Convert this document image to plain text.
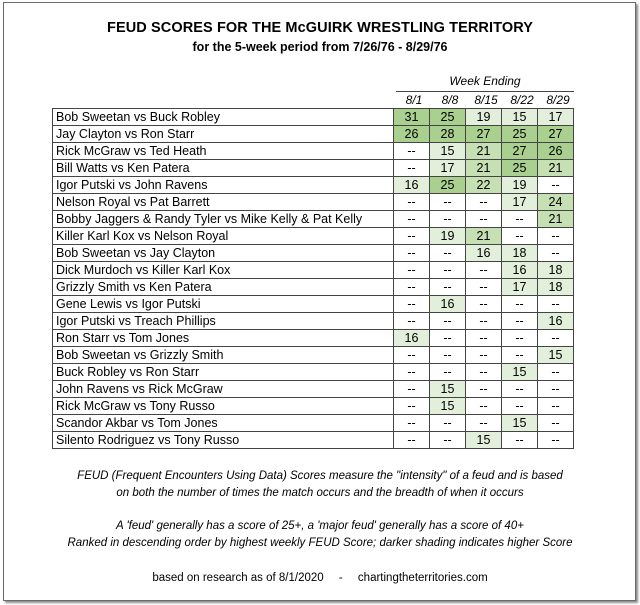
FEUD SCORES FOR THE McGUIRK WRESTLING TERRITORY
for the 5-week period from 7/26/76 - 8/29/76
Week Ending
8/1	8/8	8/15	8/22	8/29
Bob Sweetan vs Buck Robley	31	25	19	15	17
Jay Clayton vs Ron Starr	26	28	27	25	27
Rick McGraw vs Ted Heath	--	15	21	27	26
Bill Watts vs Ken Patera	--	17	21	25	21
Igor Putski vs John Ravens	16	25	22	19	--
Nelson Royal vs Pat Barrett	--	--	--	17	24
Bobby Jaggers & Randy Tyler vs Mike Kelly & Pat Kelly	--	--	--	--	21
Killer Karl Kox vs Nelson Royal	--	19	21	--	--
Bob Sweetan vs Jay Clayton	--	--	16	18	--
Dick Murdoch vs Killer Karl Kox	--	--	--	16	18
Grizzly Smith vs Ken Patera	--	--	--	17	18
Gene Lewis vs Igor Putski	--	16	--	--	--
Igor Putski vs Treach Phillips	--	--	--	--	16
Ron Starr vs Tom Jones	16	--	--	--	--
Bob Sweetan vs Grizzly Smith	--	--	--	--	15
Buck Robley vs Ron Starr	--	--	--	15	--
John Ravens vs Rick McGraw	--	15	--	--	--
Rick McGraw vs Tony Russo	--	15	--	--	--
Scandor Akbar vs Tom Jones	--	--	--	15	--
Silento Rodriguez vs Tony Russo	--	--	15	--	--
FEUD (Frequent Encounters Using Data) Scores measure the "intensity" of a feud and is based
on both the number of times the match occurs and the breadth of when it occurs
A 'feud' generally has a score of 25+, a 'major feud' generally has a score of 40+
Ranked in descending order by highest weekly FEUD Score; darker shading indicates higher Score
based on research as of 8/1/2020 - chartingtheterritories.com
